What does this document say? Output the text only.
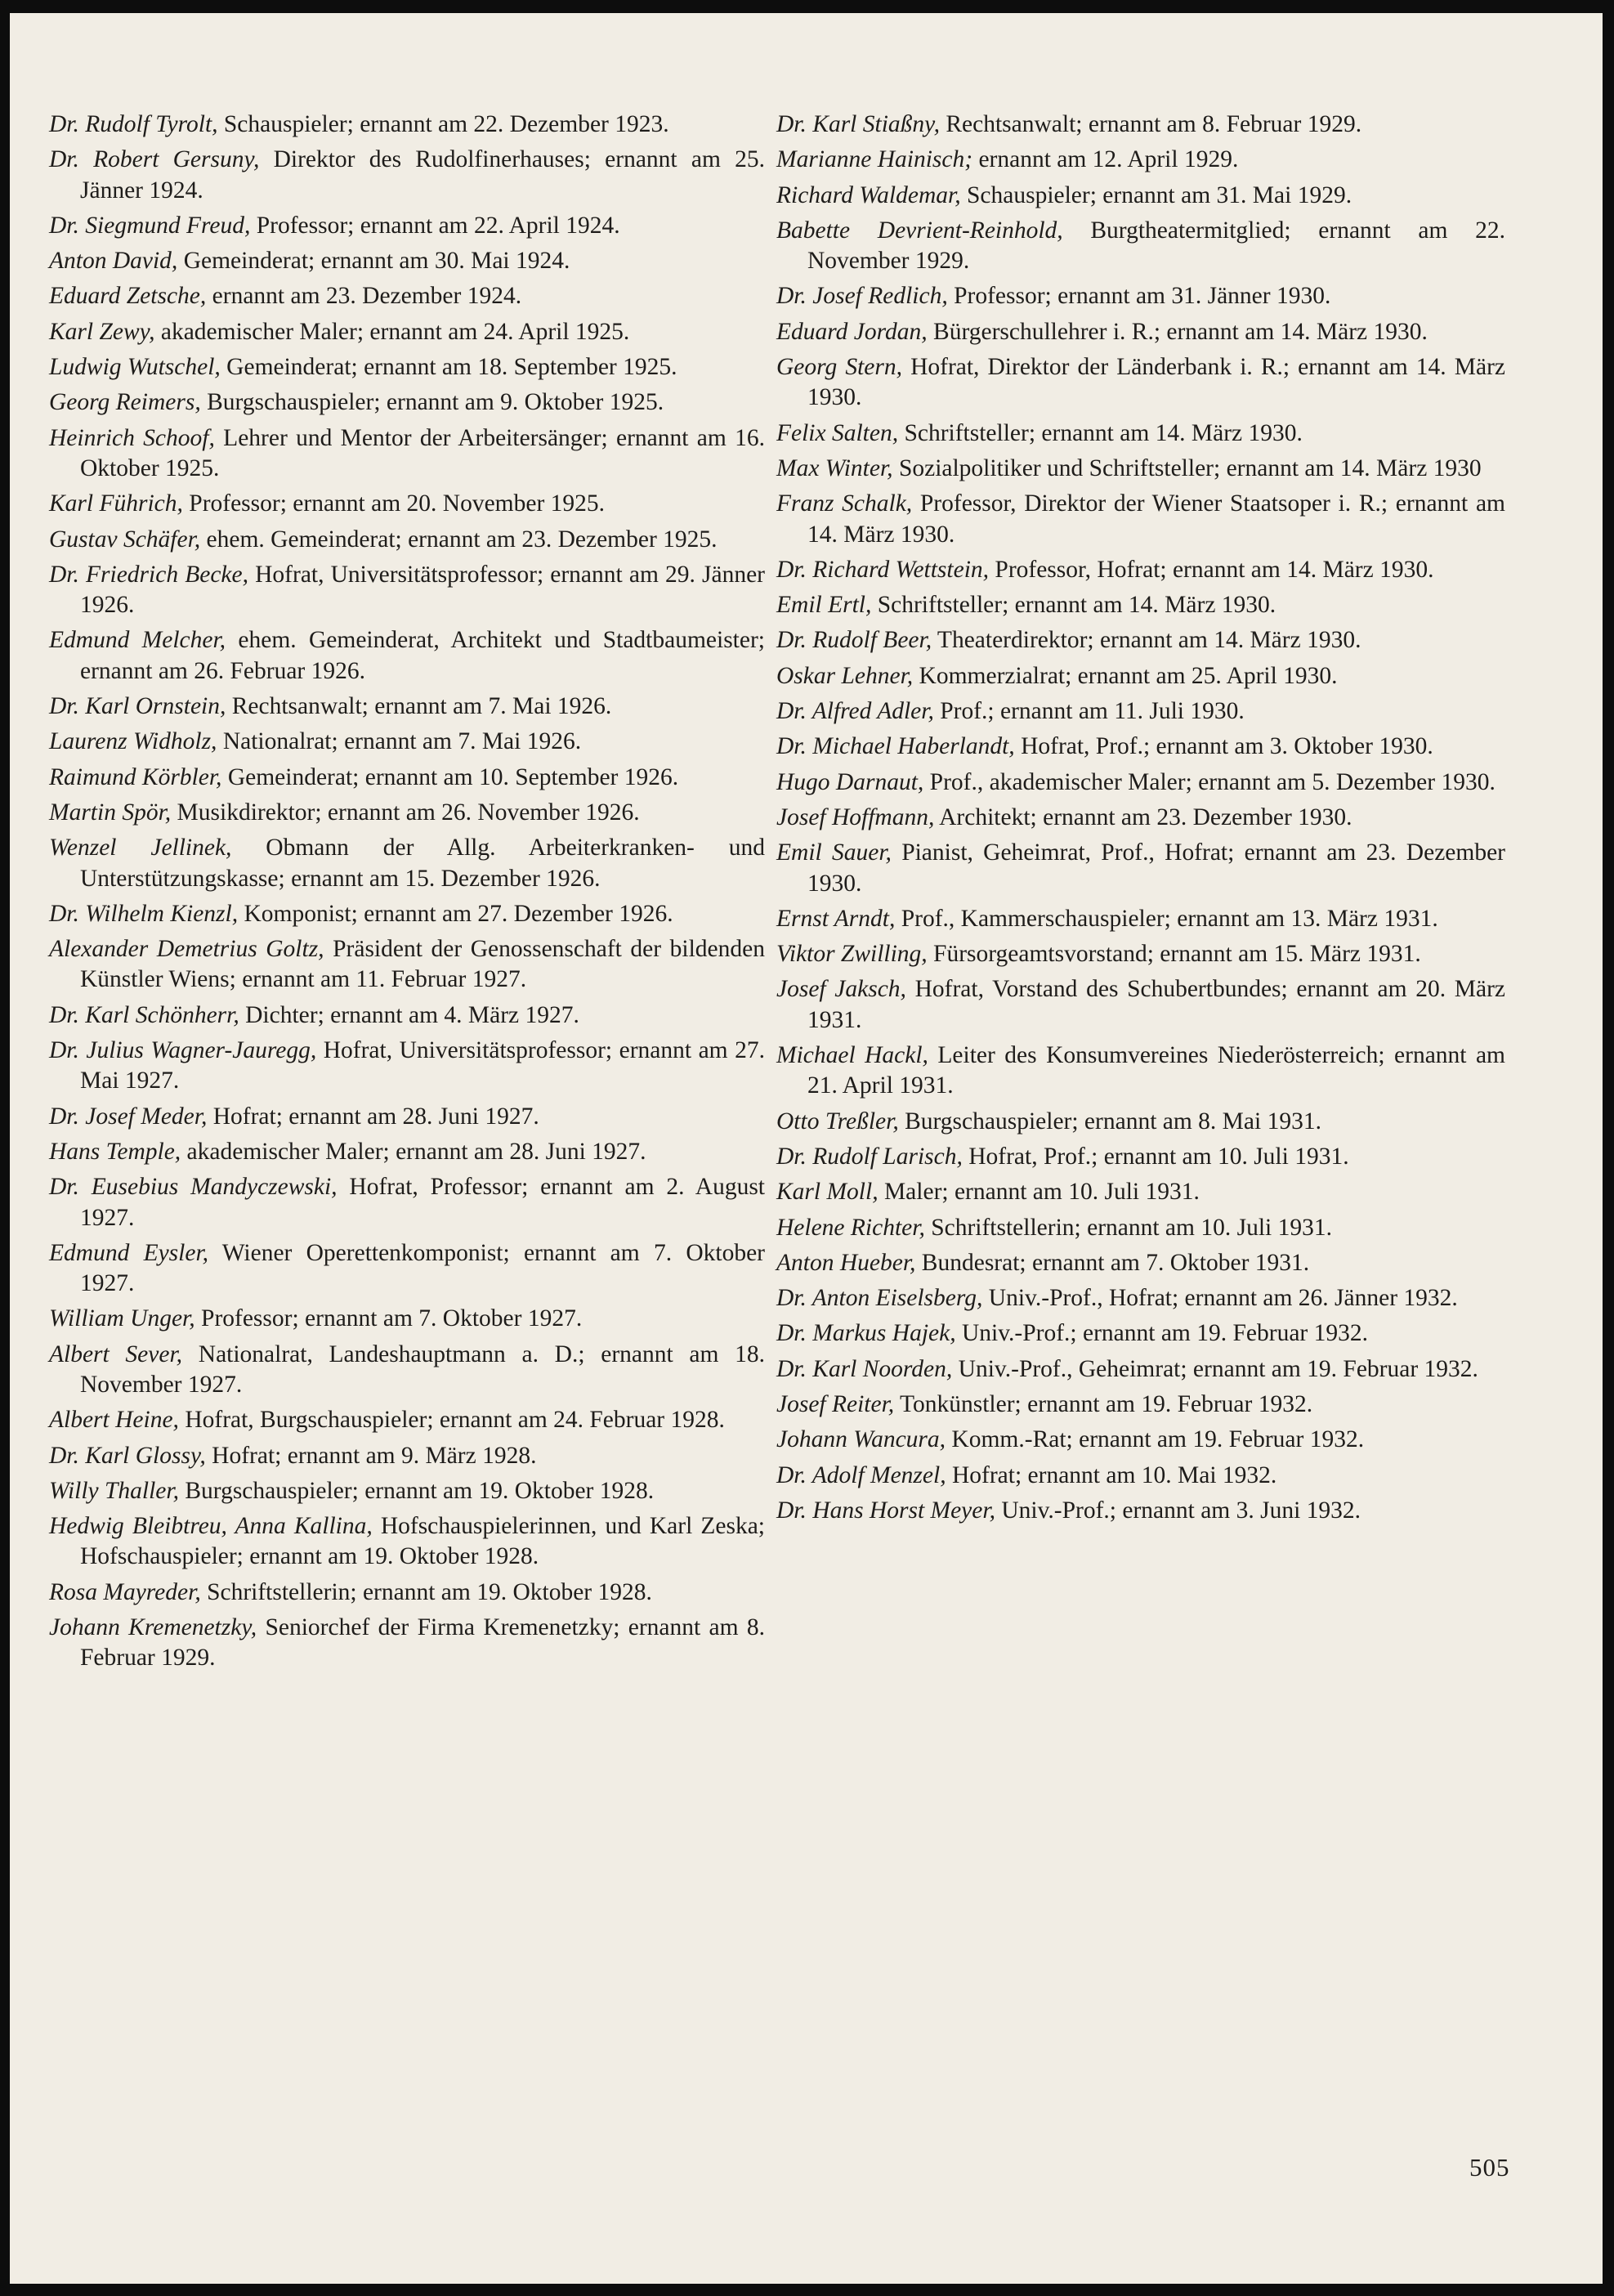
Dr. Rudolf Tyrolt, Schauspieler; ernannt am 22. Dezember 1923.

Dr. Robert Gersuny, Direktor des Rudolfinerhauses; ernannt am 25. Jänner 1924.

Dr. Siegmund Freud, Professor; ernannt am 22. April 1924.

Anton David, Gemeinderat; ernannt am 30. Mai 1924.

Eduard Zetsche, ernannt am 23. Dezember 1924.

Karl Zewy, akademischer Maler; ernannt am 24. April 1925.

Ludwig Wutschel, Gemeinderat; ernannt am 18. September 1925.

Georg Reimers, Burgschauspieler; ernannt am 9. Oktober 1925.

Heinrich Schoof, Lehrer und Mentor der Arbeitersänger; ernannt am 16. Oktober 1925.

Karl Führich, Professor; ernannt am 20. November 1925.

Gustav Schäfer, ehem. Gemeinderat; ernannt am 23. Dezember 1925.

Dr. Friedrich Becke, Hofrat, Universitätsprofessor; ernannt am 29. Jänner 1926.

Edmund Melcher, ehem. Gemeinderat, Architekt und Stadtbaumeister; ernannt am 26. Februar 1926.

Dr. Karl Ornstein, Rechtsanwalt; ernannt am 7. Mai 1926.

Laurenz Widholz, Nationalrat; ernannt am 7. Mai 1926.

Raimund Körbler, Gemeinderat; ernannt am 10. September 1926.

Martin Spör, Musikdirektor; ernannt am 26. November 1926.

Wenzel Jellinek, Obmann der Allg. Arbeiterkranken- und Unterstützungskasse; ernannt am 15. Dezember 1926.

Dr. Wilhelm Kienzl, Komponist; ernannt am 27. Dezember 1926.

Alexander Demetrius Goltz, Präsident der Genossenschaft der bildenden Künstler Wiens; ernannt am 11. Februar 1927.

Dr. Karl Schönherr, Dichter; ernannt am 4. März 1927.

Dr. Julius Wagner-Jauregg, Hofrat, Universitätsprofessor; ernannt am 27. Mai 1927.

Dr. Josef Meder, Hofrat; ernannt am 28. Juni 1927.

Hans Temple, akademischer Maler; ernannt am 28. Juni 1927.

Dr. Eusebius Mandyczewski, Hofrat, Professor; ernannt am 2. August 1927.

Edmund Eysler, Wiener Operettenkomponist; ernannt am 7. Oktober 1927.

William Unger, Professor; ernannt am 7. Oktober 1927.

Albert Sever, Nationalrat, Landeshauptmann a. D.; ernannt am 18. November 1927.

Albert Heine, Hofrat, Burgschauspieler; ernannt am 24. Februar 1928.

Dr. Karl Glossy, Hofrat; ernannt am 9. März 1928.

Willy Thaller, Burgschauspieler; ernannt am 19. Oktober 1928.

Hedwig Bleibtreu, Anna Kallina, Hofschauspielerinnen, und Karl Zeska; Hofschauspieler; ernannt am 19. Oktober 1928.

Rosa Mayreder, Schriftstellerin; ernannt am 19. Oktober 1928.

Johann Kremenetzky, Seniorchef der Firma Kremenetzky; ernannt am 8. Februar 1929.

Dr. Karl Stiaßny, Rechtsanwalt; ernannt am 8. Februar 1929.

Marianne Hainisch; ernannt am 12. April 1929.

Richard Waldemar, Schauspieler; ernannt am 31. Mai 1929.

Babette Devrient-Reinhold, Burgtheatermitglied; ernannt am 22. November 1929.

Dr. Josef Redlich, Professor; ernannt am 31. Jänner 1930.

Eduard Jordan, Bürgerschullehrer i. R.; ernannt am 14. März 1930.

Georg Stern, Hofrat, Direktor der Länderbank i. R.; ernannt am 14. März 1930.

Felix Salten, Schriftsteller; ernannt am 14. März 1930.

Max Winter, Sozialpolitiker und Schriftsteller; ernannt am 14. März 1930

Franz Schalk, Professor, Direktor der Wiener Staatsoper i. R.; ernannt am 14. März 1930.

Dr. Richard Wettstein, Professor, Hofrat; ernannt am 14. März 1930.

Emil Ertl, Schriftsteller; ernannt am 14. März 1930.

Dr. Rudolf Beer, Theaterdirektor; ernannt am 14. März 1930.

Oskar Lehner, Kommerzialrat; ernannt am 25. April 1930.

Dr. Alfred Adler, Prof.; ernannt am 11. Juli 1930.

Dr. Michael Haberlandt, Hofrat, Prof.; ernannt am 3. Oktober 1930.

Hugo Darnaut, Prof., akademischer Maler; ernannt am 5. Dezember 1930.

Josef Hoffmann, Architekt; ernannt am 23. Dezember 1930.

Emil Sauer, Pianist, Geheimrat, Prof., Hofrat; ernannt am 23. Dezember 1930.

Ernst Arndt, Prof., Kammerschauspieler; ernannt am 13. März 1931.

Viktor Zwilling, Fürsorgeamtsvorstand; ernannt am 15. März 1931.

Josef Jaksch, Hofrat, Vorstand des Schubertbundes; ernannt am 20. März 1931.

Michael Hackl, Leiter des Konsumvereines Niederösterreich; ernannt am 21. April 1931.

Otto Treßler, Burgschauspieler; ernannt am 8. Mai 1931.

Dr. Rudolf Larisch, Hofrat, Prof.; ernannt am 10. Juli 1931.

Karl Moll, Maler; ernannt am 10. Juli 1931.

Helene Richter, Schriftstellerin; ernannt am 10. Juli 1931.

Anton Hueber, Bundesrat; ernannt am 7. Oktober 1931.

Dr. Anton Eiselsberg, Univ.-Prof., Hofrat; ernannt am 26. Jänner 1932.

Dr. Markus Hajek, Univ.-Prof.; ernannt am 19. Februar 1932.

Dr. Karl Noorden, Univ.-Prof., Geheimrat; ernannt am 19. Februar 1932.

Josef Reiter, Tonkünstler; ernannt am 19. Februar 1932.

Johann Wancura, Komm.-Rat; ernannt am 19. Februar 1932.

Dr. Adolf Menzel, Hofrat; ernannt am 10. Mai 1932.

Dr. Hans Horst Meyer, Univ.-Prof.; ernannt am 3. Juni 1932.

505
